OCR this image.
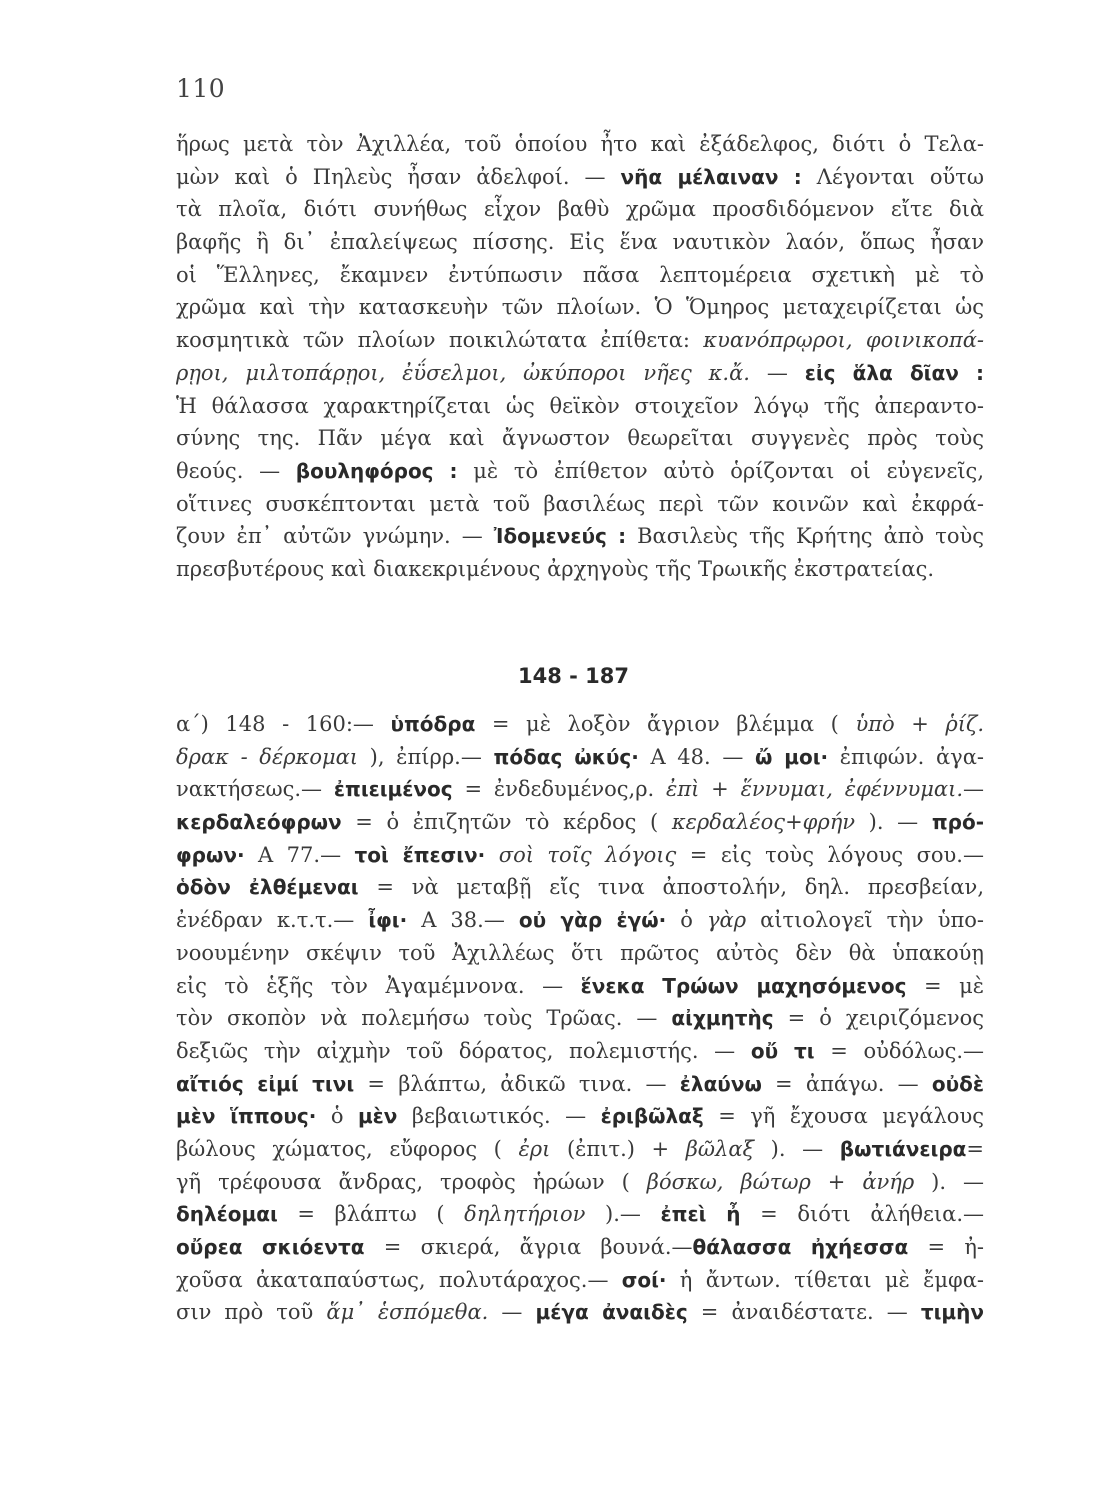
110
ἥρως μετὰ τὸν Ἀχιλλέα, τοῦ ὁποίου ἦτο καὶ ἐξάδελφος, διότι ὁ Τελα-
μὼν καὶ ὁ Πηλεὺς ἦσαν ἀδελφοί. — νῆα μέλαιναν : Λέγονται οὕτω
τὰ πλοῖα, διότι συνήθως εἶχον βαθὺ χρῶμα προσδιδόμενον εἴτε διὰ
βαφῆς ἢ δι᾽ ἐπαλείψεως πίσσης. Εἰς ἕνα ναυτικὸν λαόν, ὅπως ἦσαν
οἱ Ἕλληνες, ἔκαμνεν ἐντύπωσιν πᾶσα λεπτομέρεια σχετικὴ μὲ τὸ
χρῶμα καὶ τὴν κατασκευὴν τῶν πλοίων. Ὁ Ὅμηρος μεταχειρίζεται ὡς
κοσμητικὰ τῶν πλοίων ποικιλώτατα ἐπίθετα: κυανόπρῳροι, φοινικοπά-
ρῃοι, μιλτοπάρῃοι, ἐΰσελμοι, ὠκύποροι νῆες κ.ἄ. — εἰς ἅλα δῖαν :
Ἡ θάλασσα χαρακτηρίζεται ὡς θεϊκὸν στοιχεῖον λόγῳ τῆς ἀπεραντο-
σύνης της. Πᾶν μέγα καὶ ἄγνωστον θεωρεῖται συγγενὲς πρὸς τοὺς
θεούς. — βουληφόρος : μὲ τὸ ἐπίθετον αὐτὸ ὁρίζονται οἱ εὐγενεῖς,
οἵτινες συσκέπτονται μετὰ τοῦ βασιλέως περὶ τῶν κοινῶν καὶ ἐκφρά-
ζουν ἐπ᾽ αὐτῶν γνώμην. — Ἰδομενεύς : Βασιλεὺς τῆς Κρήτης ἀπὸ τοὺς
πρεσβυτέρους καὶ διακεκριμένους ἀρχηγοὺς τῆς Τρωικῆς ἐκστρατείας.
148 - 187
α΄) 148 - 160:— ὑπόδρα = μὲ λοξὸν ἄγριον βλέμμα ( ὑπὸ + ῥίζ.
δρακ - δέρκομαι ), ἐπίρρ.— πόδας ὠκύς· Α 48. — ὤ μοι· ἐπιφών. ἀγα-
νακτήσεως.— ἐπιειμένος = ἐνδεδυμένος,ρ. ἐπὶ + ἕννυμαι, ἐφέννυμαι.—
κερδαλεόφρων = ὁ ἐπιζητῶν τὸ κέρδος ( κερδαλέος+φρήν ). — πρό-
φρων· Α 77.— τοὶ ἔπεσιν· σοὶ τοῖς λόγοις = εἰς τοὺς λόγους σου.—
ὁδὸν ἐλθέμεναι = νὰ μεταβῇ εἴς τινα ἀποστολήν, δηλ. πρεσβείαν,
ἐνέδραν κ.τ.τ.— ἶφι· Α 38.— οὐ γὰρ ἐγώ· ὁ γὰρ αἰτιολογεῖ τὴν ὑπο-
νοουμένην σκέψιν τοῦ Ἀχιλλέως ὅτι πρῶτος αὐτὸς δὲν θὰ ὑπακούῃ
εἰς τὸ ἑξῆς τὸν Ἀγαμέμνονα. — ἕνεκα Τρώων μαχησόμενος = μὲ
τὸν σκοπὸν νὰ πολεμήσω τοὺς Τρῶας. — αἰχμητὴς = ὁ χειριζόμενος
δεξιῶς τὴν αἰχμὴν τοῦ δόρατος, πολεμιστής. — οὔ τι = οὐδόλως.—
αἴτιός εἰμί τινι = βλάπτω, ἀδικῶ τινα. — ἐλαύνω = ἀπάγω. — οὐδὲ
μὲν ἵππους· ὁ μὲν βεβαιωτικός. — ἐριβῶλαξ = γῆ ἔχουσα μεγάλους
βώλους χώματος, εὔφορος ( ἐρι (ἐπιτ.) + βῶλαξ ). — βωτιάνειρα=
γῆ τρέφουσα ἄνδρας, τροφὸς ἡρώων ( βόσκω, βώτωρ + ἀνήρ ). —
δηλέομαι = βλάπτω ( δηλητήριον ).— ἐπεὶ ἦ = διότι ἀλήθεια.—
οὔρεα σκιόεντα = σκιερά, ἄγρια βουνά.—θάλασσα ἠχήεσσα = ἠ-
χοῦσα ἀκαταπαύστως, πολυτάραχος.— σοί· ἡ ἄντων. τίθεται μὲ ἔμφα-
σιν πρὸ τοῦ ἅμ᾽ ἑσπόμεθα. — μέγα ἀναιδὲς = ἀναιδέστατε. — τιμὴν
